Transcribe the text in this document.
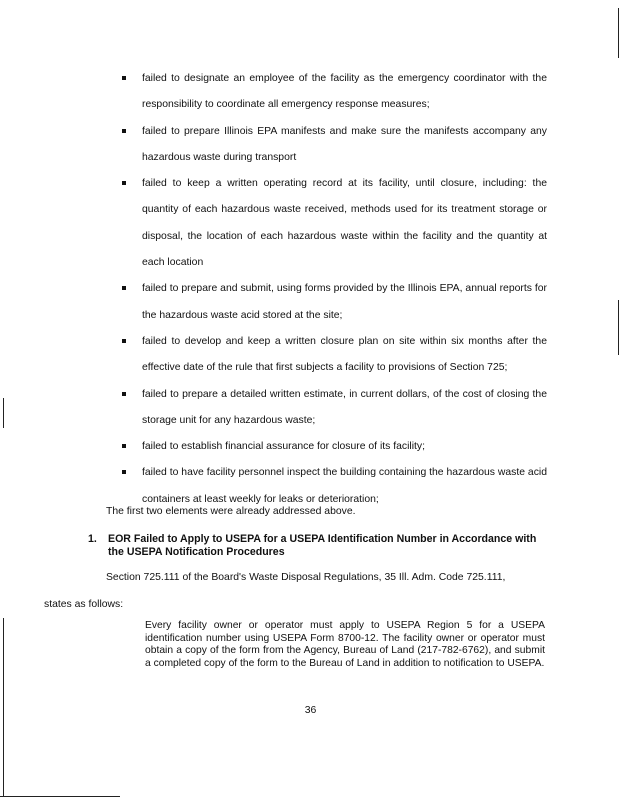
failed to designate an employee of the facility as the emergency coordinator with the responsibility to coordinate all emergency response measures;
failed to prepare Illinois EPA manifests and make sure the manifests accompany any hazardous waste during transport
failed to keep a written operating record at its facility, until closure, including: the quantity of each hazardous waste received, methods used for its treatment storage or disposal, the location of each hazardous waste within the facility and the quantity at each location
failed to prepare and submit, using forms provided by the Illinois EPA, annual reports for the hazardous waste acid stored at the site;
failed to develop and keep a written closure plan on site within six months after the effective date of the rule that first subjects a facility to provisions of Section 725;
failed to prepare a detailed written estimate, in current dollars, of the cost of closing the storage unit for any hazardous waste;
failed to establish financial assurance for closure of its facility;
failed to have facility personnel inspect the building containing the hazardous waste acid containers at least weekly for leaks or deterioration;

The first two elements were already addressed above.

1. EOR Failed to Apply to USEPA for a USEPA Identification Number in Accordance with the USEPA Notification Procedures

Section 725.111 of the Board's Waste Disposal Regulations, 35 Ill. Adm. Code 725.111,

states as follows:

Every facility owner or operator must apply to USEPA Region 5 for a USEPA identification number using USEPA Form 8700-12. The facility owner or operator must obtain a copy of the form from the Agency, Bureau of Land (217-782-6762), and submit a completed copy of the form to the Bureau of Land in addition to notification to USEPA.

36
